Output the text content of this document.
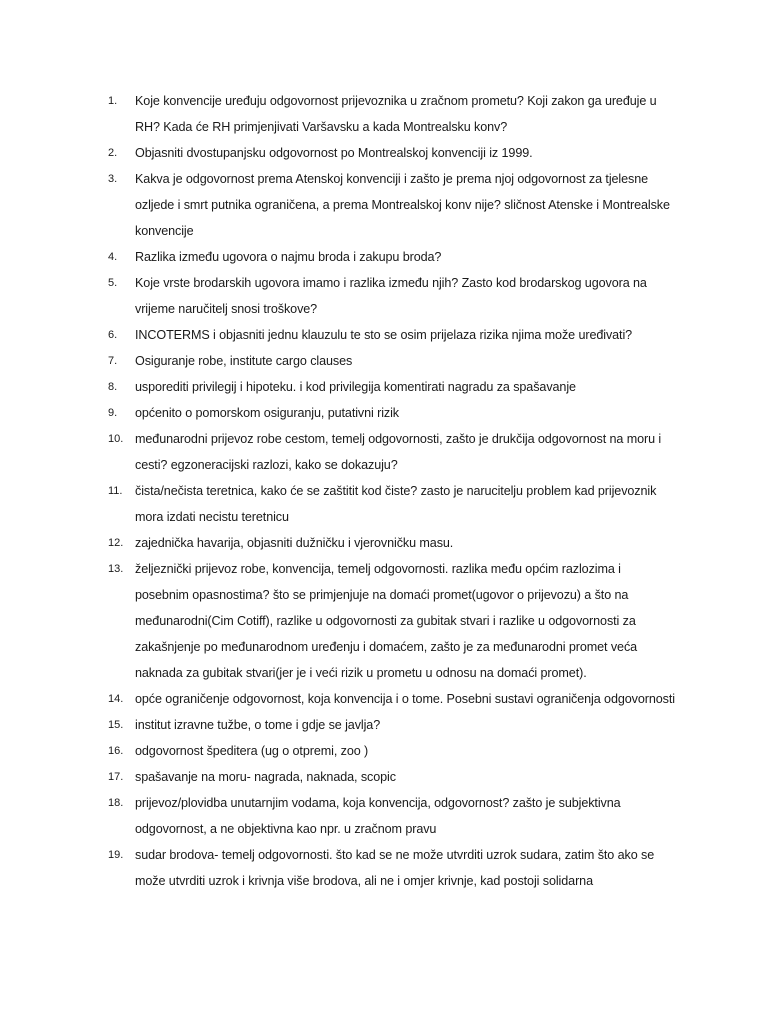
1.	Koje konvencije uređuju odgovornost prijevoznika u zračnom prometu? Koji zakon ga uređuje u RH? Kada će RH primjenjivati Varšavsku a kada Montrealsku konv?
2.	Objasniti dvostupanjsku odgovornost po Montrealskoj konvenciji iz 1999.
3.	Kakva je odgovornost prema Atenskoj konvenciji i zašto je prema njoj odgovornost za tjelesne ozljede i smrt putnika ograničena, a prema Montrealskoj konv nije? sličnost Atenske i Montrealske konvencije
4.	Razlika između ugovora o najmu broda i zakupu broda?
5.	Koje vrste brodarskih ugovora imamo i razlika između njih? Zasto kod brodarskog ugovora na vrijeme naručitelj snosi troškove?
6.	INCOTERMS i objasniti jednu klauzulu te sto se osim prijelaza rizika njima može uređivati?
7.	Osiguranje robe, institute cargo clauses
8.	usporediti privilegij i hipoteku. i kod privilegija komentirati nagradu za spašavanje
9.	općenito o pomorskom osiguranju, putativni rizik
10. međunarodni prijevoz robe cestom, temelj odgovornosti, zašto je drukčija odgovornost na moru i cesti? egzoneracijski razlozi, kako se dokazuju?
11. čista/nečista teretnica, kako će se zaštitit kod čiste? zasto je narucitelju problem kad prijevoznik mora izdati necistu teretnicu
12. zajednička havarija, objasniti dužničku i vjerovničku masu.
13. željeznički prijevoz robe, konvencija, temelj odgovornosti. razlika među općim razlozima i posebnim opasnostima? što se primjenjuje na domaći promet(ugovor o prijevozu) a što na međunarodni(Cim Cotiff), razlike u odgovornosti za gubitak stvari i razlike u odgovornosti za zakašnjenje po međunarodnom uređenju i domaćem, zašto je za međunarodni promet veća naknada za gubitak stvari(jer je i veći rizik u prometu u odnosu na domaći promet).
14. opće ograničenje odgovornost, koja konvencija i o tome. Posebni sustavi ograničenja odgovornosti
15. institut izravne tužbe, o tome i gdje se javlja?
16. odgovornost špeditera (ug o otpremi, zoo )
17. spašavanje na moru- nagrada, naknada, scopic
18. prijevoz/plovidba unutarnjim vodama, koja konvencija, odgovornost? zašto je subjektivna odgovornost, a ne objektivna kao npr. u zračnom pravu
19. sudar brodova- temelj odgovornosti. što kad se ne može utvrditi uzrok sudara, zatim što ako se može utvrditi uzrok i krivnja više brodova, ali ne i omjer krivnje, kad postoji solidarna
